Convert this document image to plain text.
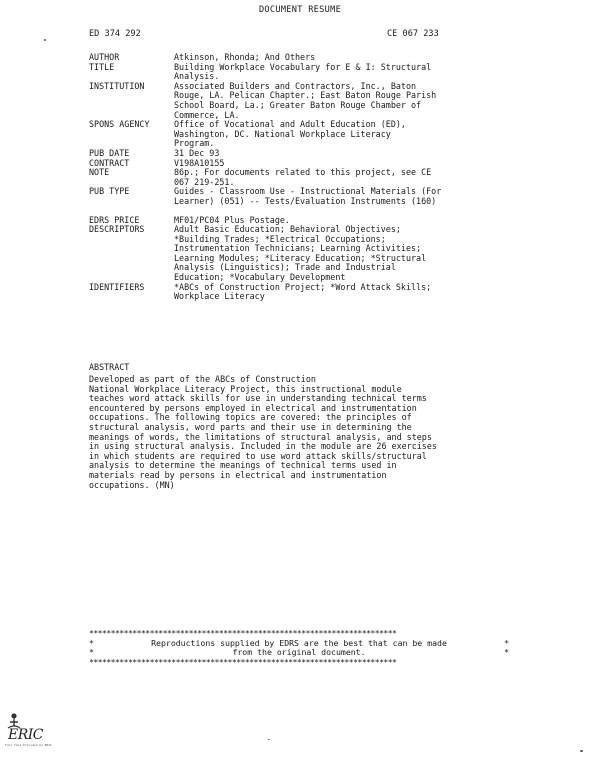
DOCUMENT RESUME
ED 374 292	CE 067 233
AUTHOR	Atkinson, Rhonda; And Others
TITLE	Building Workplace Vocabulary for E & I: Structural
Analysis.
INSTITUTION	Associated Builders and Contractors, Inc., Baton
Rouge, LA. Pelican Chapter.; East Baton Rouge Parish
School Board, La.; Greater Baton Rouge Chamber of
Commerce, LA.
SPONS AGENCY	Office of Vocational and Adult Education (ED),
Washington, DC. National Workplace Literacy
Program.
PUB DATE	31 Dec 93
CONTRACT	V198A10155
NOTE	86p.; For documents related to this project, see CE
067 219-251.
PUB TYPE	Guides - Classroom Use - Instructional Materials (For
Learner) (051) -- Tests/Evaluation Instruments (160)
EDRS PRICE	MF01/PC04 Plus Postage.
DESCRIPTORS	Adult Basic Education; Behavioral Objectives;
*Building Trades; *Electrical Occupations;
Instrumentation Technicians; Learning Activities;
Learning Modules; *Literacy Education; *Structural
Analysis (Linguistics); Trade and Industrial
Education; *Vocabulary Development
IDENTIFIERS	*ABCs of Construction Project; *Word Attack Skills;
Workplace Literacy
ABSTRACT
Developed as part of the ABCs of Construction
National Workplace Literacy Project, this instructional module
teaches word attack skills for use in understanding technical terms
encountered by persons employed in electrical and instrumentation
occupations. The following topics are covered: the principles of
structural analysis, word parts and their use in determining the
meanings of words, the limitations of structural analysis, and steps
in using structural analysis. Included in the module are 26 exercises
in which students are required to use word attack skills/structural
analysis to determine the meanings of technical terms used in
materials read by persons in electrical and instrumentation
occupations. (MN)
***********************************************************************
*	Reproductions supplied by EDRS are the best that can be made	*
*	from the original document.	*
***********************************************************************
ERIC
Full Text Provided by ERIC
